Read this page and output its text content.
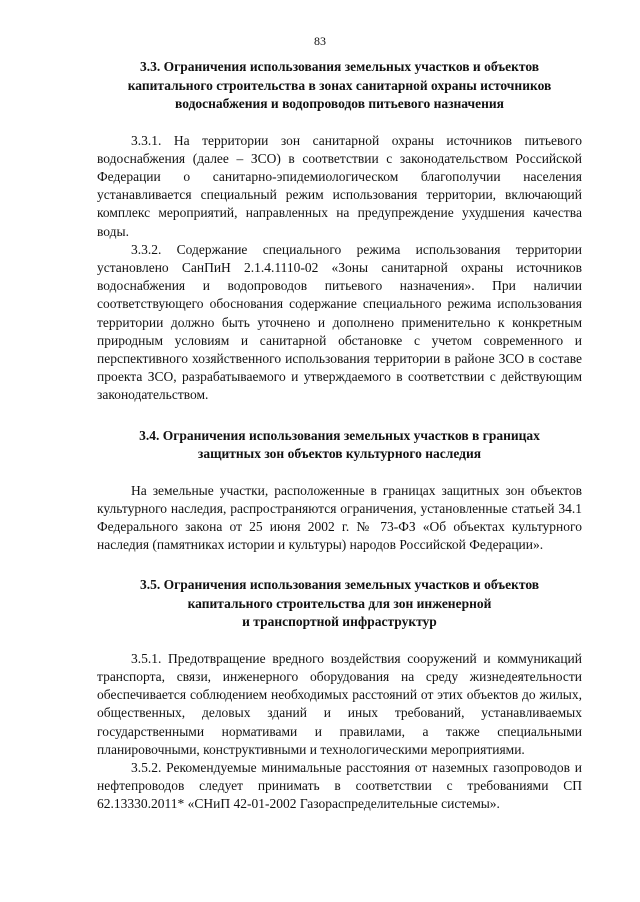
83
3.3. Ограничения использования земельных участков и объектов
капитального строительства в зонах санитарной охраны источников
водоснабжения и водопроводов питьевого назначения

3.3.1. На территории зон санитарной охраны источников питьевого водоснабжения (далее – ЗСО) в соответствии с законодательством Российской Федерации о санитарно-эпидемиологическом благополучии населения устанавливается специальный режим использования территории, включающий комплекс мероприятий, направленных на предупреждение ухудшения качества воды.

3.3.2. Содержание специального режима использования территории установлено СанПиН 2.1.4.1110-02 «Зоны санитарной охраны источников водоснабжения и водопроводов питьевого назначения». При наличии соответствующего обоснования содержание специального режима использования территории должно быть уточнено и дополнено применительно к конкретным природным условиям и санитарной обстановке с учетом современного и перспективного хозяйственного использования территории в районе ЗСО в составе проекта ЗСО, разрабатываемого и утверждаемого в соответствии с действующим законодательством.

3.4. Ограничения использования земельных участков в границах
защитных зон объектов культурного наследия

На земельные участки, расположенные в границах защитных зон объектов культурного наследия, распространяются ограничения, установленные статьей 34.1 Федерального закона от 25 июня 2002 г. № 73-ФЗ «Об объектах культурного наследия (памятниках истории и культуры) народов Российской Федерации».

3.5. Ограничения использования земельных участков и объектов
капитального строительства для зон инженерной
и транспортной инфраструктур

3.5.1. Предотвращение вредного воздействия сооружений и коммуникаций транспорта, связи, инженерного оборудования на среду жизнедеятельности обеспечивается соблюдением необходимых расстояний от этих объектов до жилых, общественных, деловых зданий и иных требований, устанавливаемых государственными нормативами и правилами, а также специальными планировочными, конструктивными и технологическими мероприятиями.

3.5.2. Рекомендуемые минимальные расстояния от наземных газопроводов и нефтепроводов следует принимать в соответствии с требованиями СП 62.13330.2011* «СНиП 42-01-2002 Газораспределительные системы».
